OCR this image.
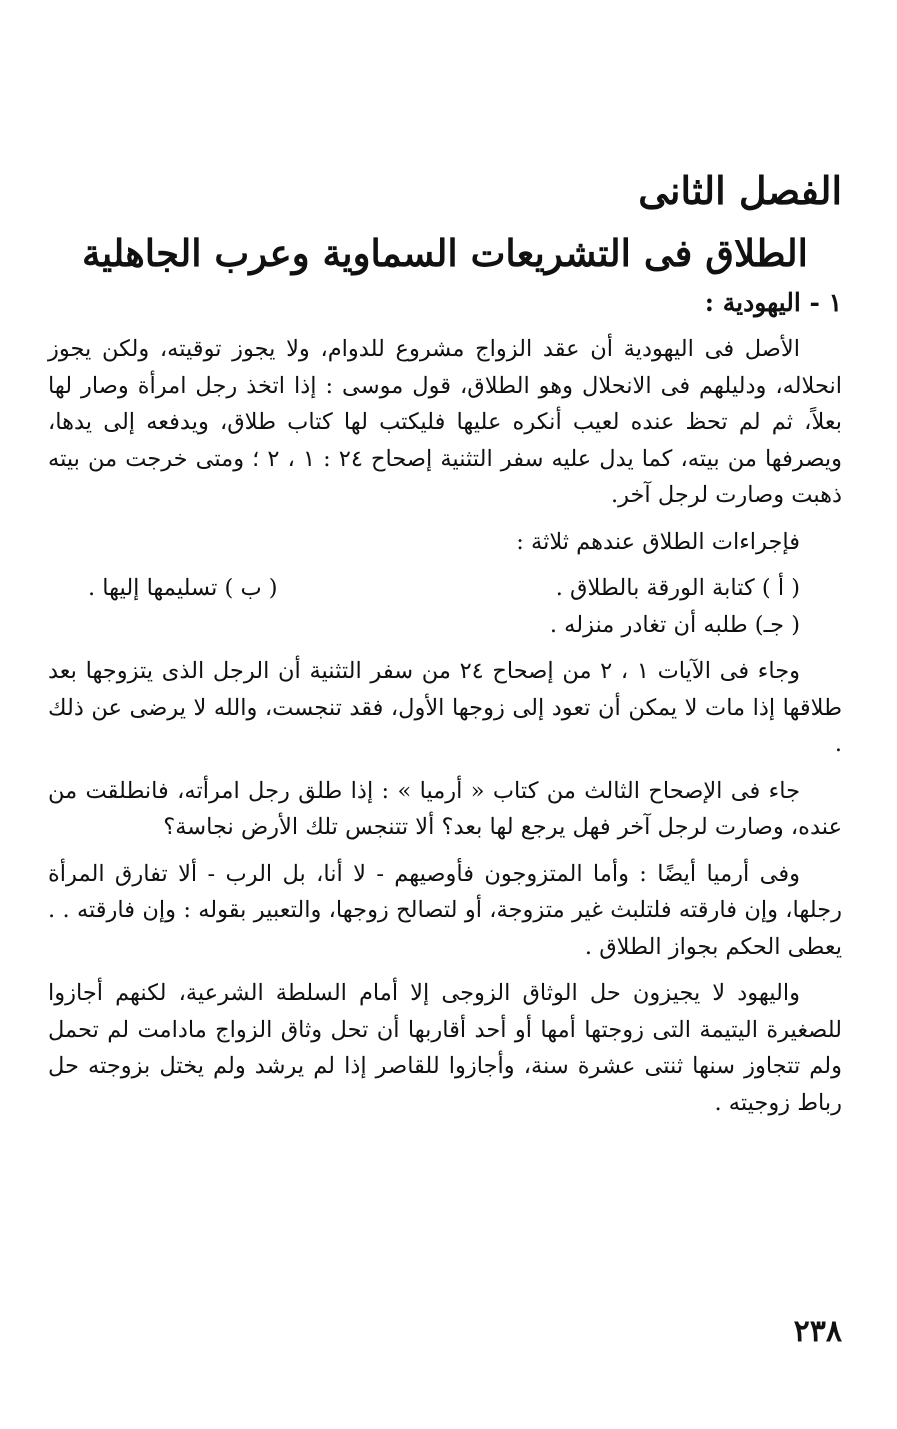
الفصل الثانى
الطلاق فى التشريعات السماوية وعرب الجاهلية
١ - اليهودية :

الأصل فى اليهودية أن عقد الزواج مشروع للدوام، ولا يجوز توقيته، ولكن يجوز انحلاله، ودليلهم فى الانحلال وهو الطلاق، قول موسى : إذا اتخذ رجل امرأة وصار لها بعلاً، ثم لم تحظ عنده لعيب أنكره عليها فليكتب لها كتاب طلاق، ويدفعه إلى يدها، ويصرفها من بيته، كما يدل عليه سفر التثنية إصحاح ٢٤ : ١ ، ٢ ؛ ومتى خرجت من بيته ذهبت وصارت لرجل آخر.

فإجراءات الطلاق عندهم ثلاثة :

( أ ) كتابة الورقة بالطلاق .
( ب ) تسليمها إليها .
( جـ) طلبه أن تغادر منزله .

وجاء فى الآيات ١ ، ٢ من إصحاح ٢٤ من سفر التثنية أن الرجل الذى يتزوجها بعد طلاقها إذا مات لا يمكن أن تعود إلى زوجها الأول، فقد تنجست، والله لا يرضى عن ذلك .

جاء فى الإصحاح الثالث من كتاب « أرميا » : إذا طلق رجل امرأته، فانطلقت من عنده، وصارت لرجل آخر فهل يرجع لها بعد؟ ألا تتنجس تلك الأرض نجاسة؟

وفى أرميا أيضًا : وأما المتزوجون فأوصيهم - لا أنا، بل الرب - ألا تفارق المرأة رجلها، وإن فارقته فلتلبث غير متزوجة، أو لتصالح زوجها، والتعبير بقوله : وإن فارقته . . يعطى الحكم بجواز الطلاق .

واليهود لا يجيزون حل الوثاق الزوجى إلا أمام السلطة الشرعية، لكنهم أجازوا للصغيرة اليتيمة التى زوجتها أمها أو أحد أقاربها أن تحل وثاق الزواج مادامت لم تحمل ولم تتجاوز سنها ثنتى عشرة سنة، وأجازوا للقاصر إذا لم يرشد ولم يختل بزوجته حل رباط زوجيته .

٢٣٨
